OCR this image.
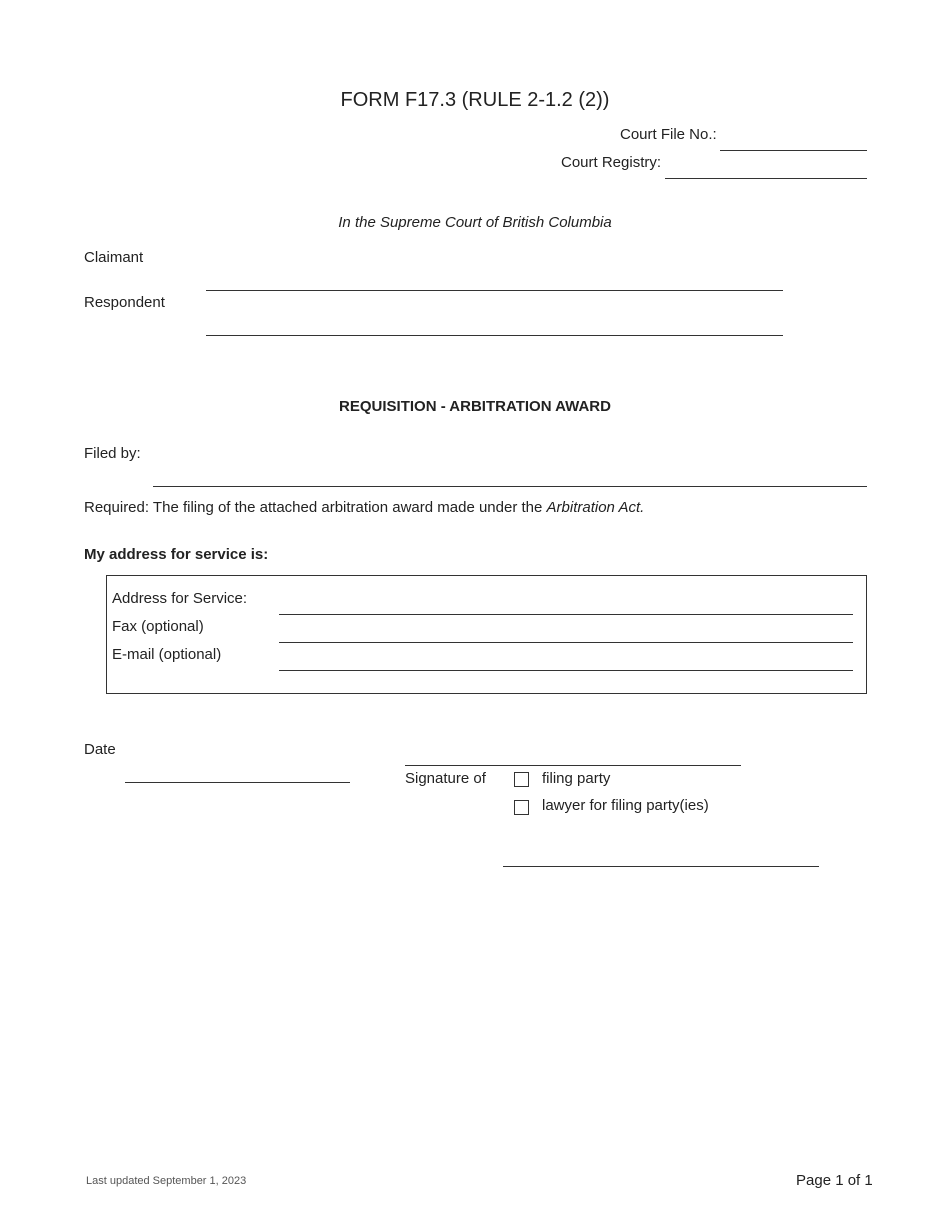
FORM F17.3 (RULE 2-1.2 (2))
Court File No.:
Court Registry:
In the Supreme Court of British Columbia
Claimant
Respondent
REQUISITION - ARBITRATION AWARD
Filed by:
Required: The filing of the attached arbitration award made under the Arbitration Act.
My address for service is:
Address for Service:
Fax (optional)
E-mail (optional)
Date
Signature of	filing party
lawyer for filing party(ies)
Last updated September 1, 2023	Page 1 of 1
